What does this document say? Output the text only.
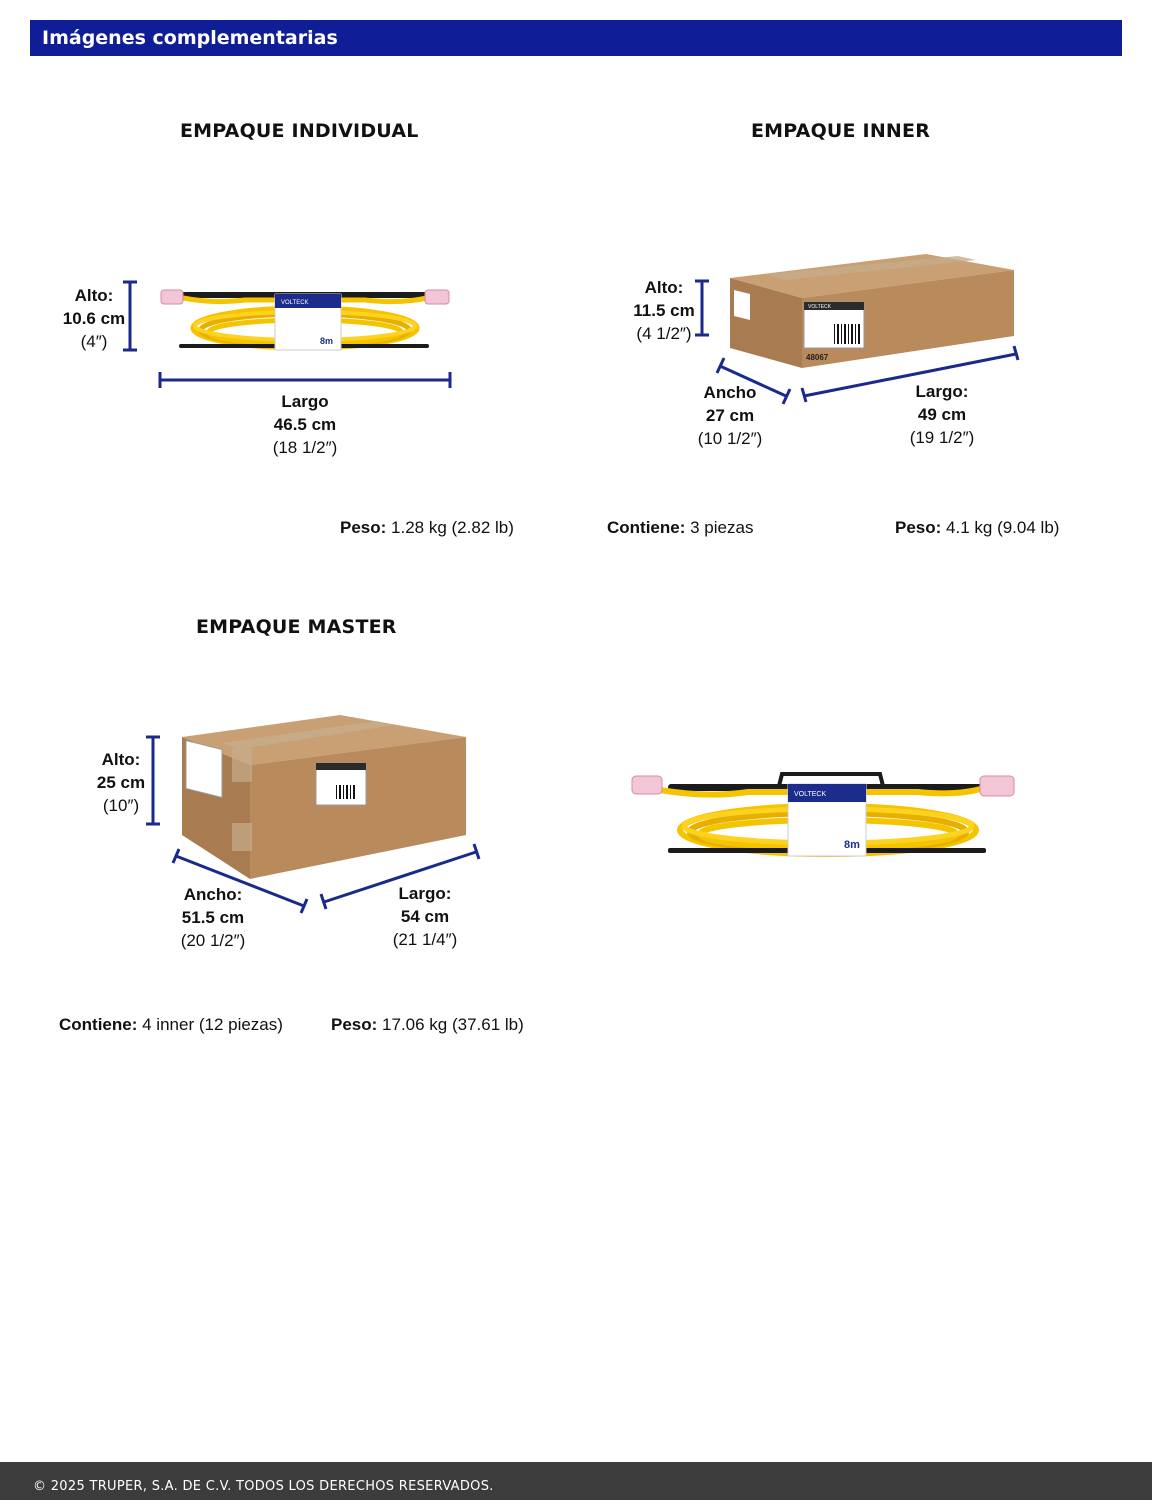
Imágenes complementarias
EMPAQUE INDIVIDUAL
Alto:
10.6 cm
(4″)
VOLTECK
8m
Largo
46.5 cm
(18 1/2″)
Peso: 1.28 kg (2.82 lb)
EMPAQUE INNER
Alto:
11.5 cm
(4 1/2″)
VOLTECK
48067
Ancho
27 cm
(10 1/2″)
Largo:
49 cm
(19 1/2″)
Contiene: 3 piezas	Peso: 4.1 kg (9.04 lb)
EMPAQUE MASTER
Alto:
25 cm
(10″)
Ancho:
51.5 cm
(20 1/2″)
Largo:
54 cm
(21 1/4″)
Contiene: 4 inner (12 piezas)	Peso: 17.06 kg (37.61 lb)
VOLTECK
8m
© 2025 TRUPER, S.A. DE C.V. TODOS LOS DERECHOS RESERVADOS.
